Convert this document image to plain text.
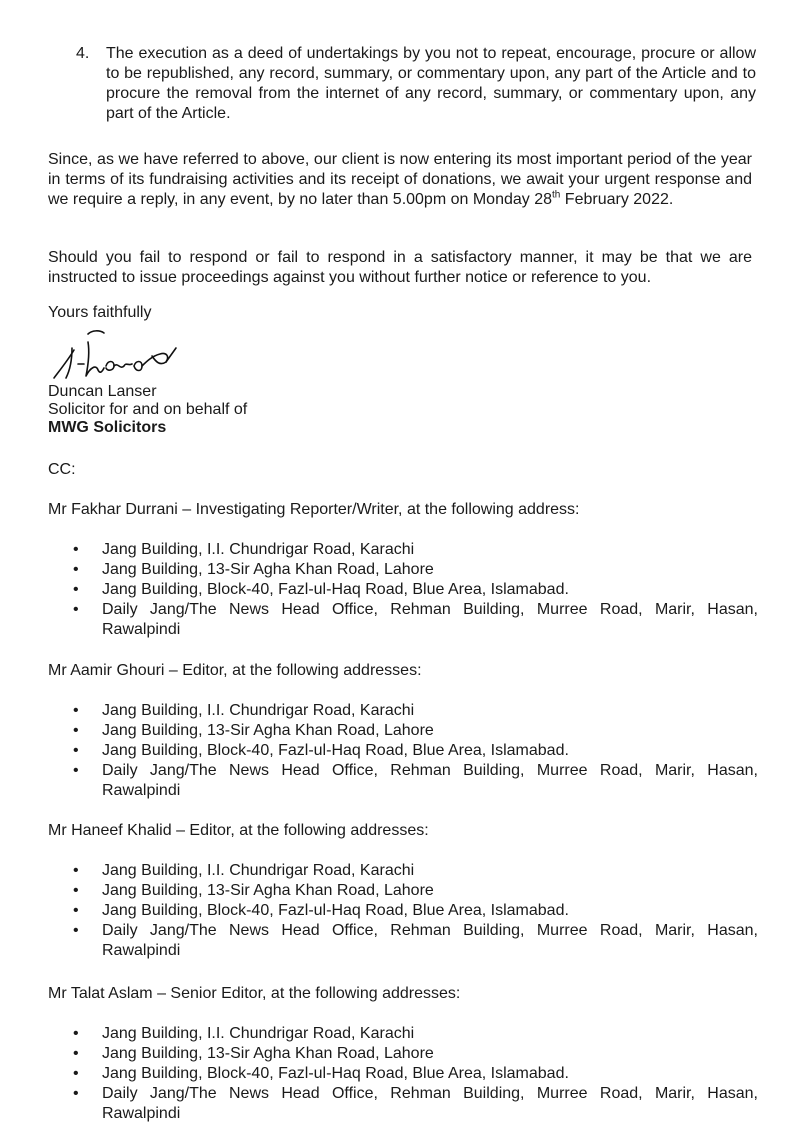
4.	The execution as a deed of undertakings by you not to repeat, encourage, procure or allow to be republished, any record, summary, or commentary upon, any part of the Article and to procure the removal from the internet of any record, summary, or commentary upon, any part of the Article.
Since, as we have referred to above, our client is now entering its most important period of the year in terms of its fundraising activities and its receipt of donations, we await your urgent response and we require a reply, in any event, by no later than 5.00pm on Monday 28th February 2022.
Should you fail to respond or fail to respond in a satisfactory manner, it may be that we are instructed to issue proceedings against you without further notice or reference to you.
Yours faithfully
Duncan Lanser
Solicitor for and on behalf of
MWG Solicitors
CC:
Mr Fakhar Durrani – Investigating Reporter/Writer, at the following address:
• Jang Building, I.I. Chundrigar Road, Karachi
• Jang Building, 13-Sir Agha Khan Road, Lahore
• Jang Building, Block-40, Fazl-ul-Haq Road, Blue Area, Islamabad.
• Daily Jang/The News Head Office, Rehman Building, Murree Road, Marir, Hasan, Rawalpindi
Mr Aamir Ghouri – Editor, at the following addresses:
• Jang Building, I.I. Chundrigar Road, Karachi
• Jang Building, 13-Sir Agha Khan Road, Lahore
• Jang Building, Block-40, Fazl-ul-Haq Road, Blue Area, Islamabad.
• Daily Jang/The News Head Office, Rehman Building, Murree Road, Marir, Hasan, Rawalpindi
Mr Haneef Khalid – Editor, at the following addresses:
• Jang Building, I.I. Chundrigar Road, Karachi
• Jang Building, 13-Sir Agha Khan Road, Lahore
• Jang Building, Block-40, Fazl-ul-Haq Road, Blue Area, Islamabad.
• Daily Jang/The News Head Office, Rehman Building, Murree Road, Marir, Hasan, Rawalpindi
Mr Talat Aslam – Senior Editor, at the following addresses:
• Jang Building, I.I. Chundrigar Road, Karachi
• Jang Building, 13-Sir Agha Khan Road, Lahore
• Jang Building, Block-40, Fazl-ul-Haq Road, Blue Area, Islamabad.
• Daily Jang/The News Head Office, Rehman Building, Murree Road, Marir, Hasan, Rawalpindi
